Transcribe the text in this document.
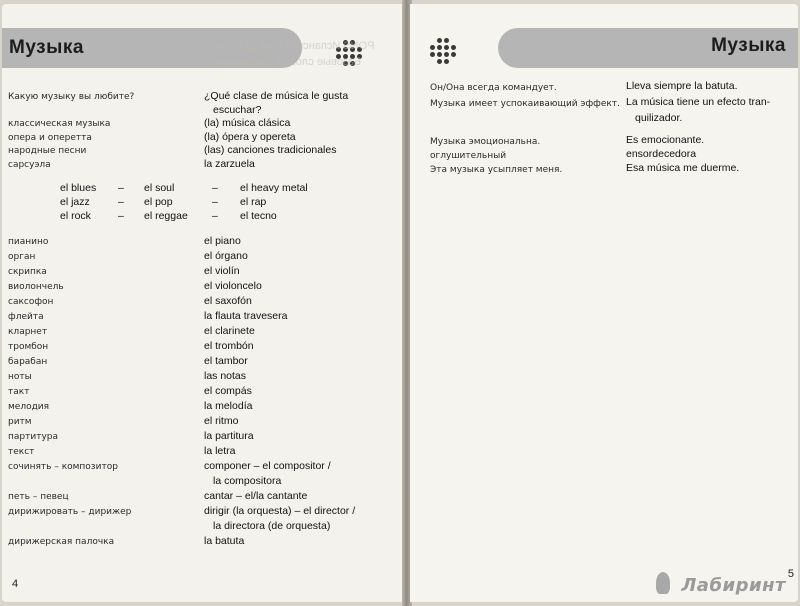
Музыка	PONS Испанский язык. Для тех
Базовые слова и выражения
Какую музыку вы любите?	¿Qué clase de música le gusta
escuchar?
классическая музыка	(la) música clásica
опера и оперетта	(la) ópera y opereta
народные песни	(las) canciones tradicionales
сарсуэла	la zarzuela
el blues – el soul	– el heavy metal
el jazz	– el pop	– el rap
el rock	– el reggae – el tecno
пианино	el piano
орган	el órgano
скрипка	el violín
виолончель	el violoncelo
саксофон	el saxofón
флейта	la flauta travesera
кларнет	el clarinete
тромбон	el trombón
барабан	el tambor
ноты	las notas
такт	el compás
мелодия	la melodía
ритм	el ritmo
партитура	la partitura
текст	la letra
сочинять – композитор	componer – el compositor /
la compositora
петь – певец	cantar – el/la cantante
дирижировать – дирижер	dirigir (la orquesta) – el director /
la directora (de orquesta)
дирижерская палочка	la batuta
4
Музыка
Он/Она всегда командует.	Lleva siempre la batuta.
Музыка имеет успокаивающий эффект. La música tiene un efecto tran-
quilizador.
Музыка эмоциональна.	Es emocionante.
оглушительный	ensordecedora
Эта музыка усыпляет меня.	Esa música me duerme.
5
Лабиринт
